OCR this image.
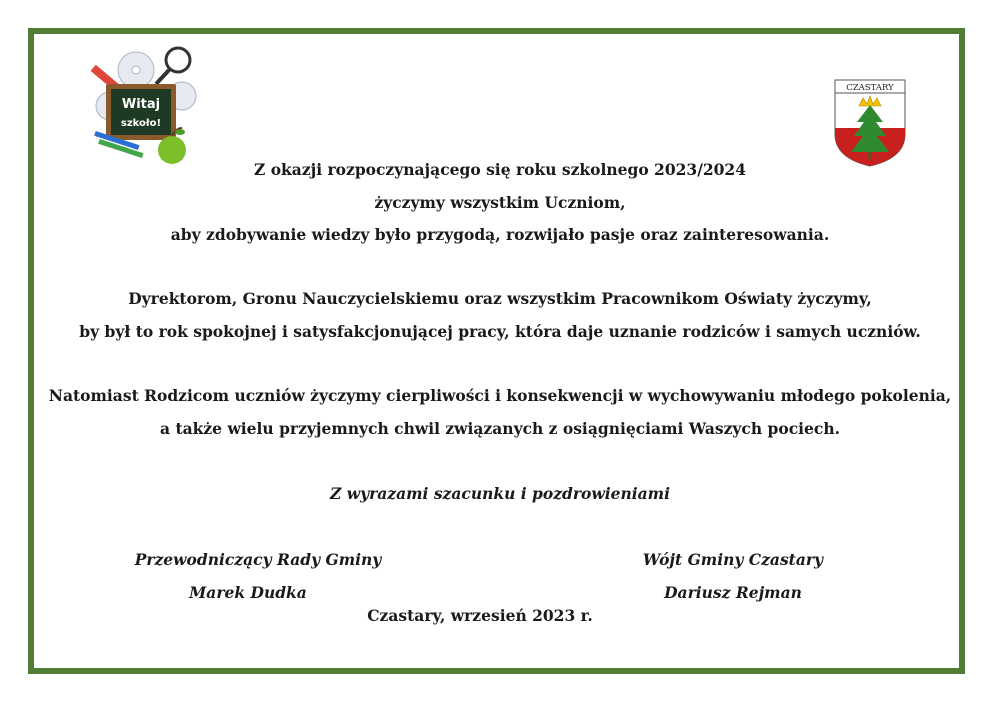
Witaj
szkoło!
CZASTARY
Z okazji rozpoczynającego się roku szkolnego 2023/2024
życzymy wszystkim Uczniom,
aby zdobywanie wiedzy było przygodą, rozwijało pasje oraz zainteresowania.
Dyrektorom, Gronu Nauczycielskiemu oraz wszystkim Pracownikom Oświaty życzymy,
by był to rok spokojnej i satysfakcjonującej pracy, która daje uznanie rodziców i samych uczniów.
Natomiast Rodzicom uczniów życzymy cierpliwości i konsekwencji w wychowywaniu młodego pokolenia,
a także wielu przyjemnych chwil związanych z osiągnięciami Waszych pociech.
Z wyrazami szacunku i pozdrowieniami
Przewodniczący Rady Gminy
Marek Dudka
Wójt Gminy Czastary
Dariusz Rejman
Czastary, wrzesień 2023 r.
